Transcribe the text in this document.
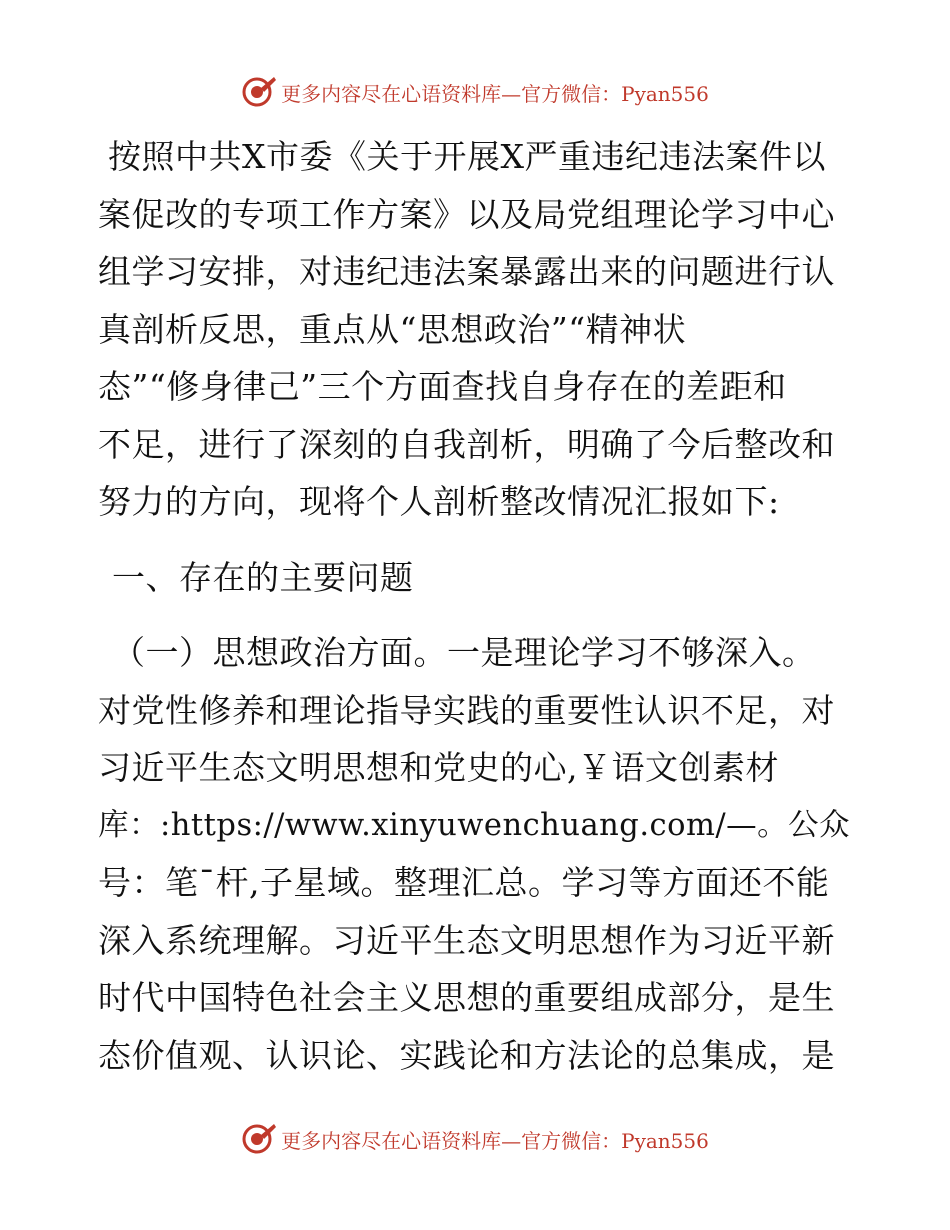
更多内容尽在心语资料库—官方微信：Pyan556
按照中共Ⅹ市委《关于开展Ⅹ严重违纪违法案件以
案促改的专项工作方案》以及局党组理论学习中心
组学习安排，对违纪违法案暴露出来的问题进行认
真剖析反思，重点从“思想政治”“精神状
态”“修身律己”三个方面查找自身存在的差距和
不足，进行了深刻的自我剖析，明确了今后整改和
努力的方向，现将个人剖析整改情况汇报如下:
一、存在的主要问题
（一）思想政治方面。一是理论学习不够深入。
对党性修养和理论指导实践的重要性认识不足，对
习近平生态文明思想和党史的心,￥语文创素材
库：:https://www.xinyuwenchuang.com/—。公众
号：笔¯杆,子星域。整理汇总。学习等方面还不能
深入系统理解。习近平生态文明思想作为习近平新
时代中国特色社会主义思想的重要组成部分，是生
态价值观、认识论、实践论和方法论的总集成，是
更多内容尽在心语资料库—官方微信：Pyan556
